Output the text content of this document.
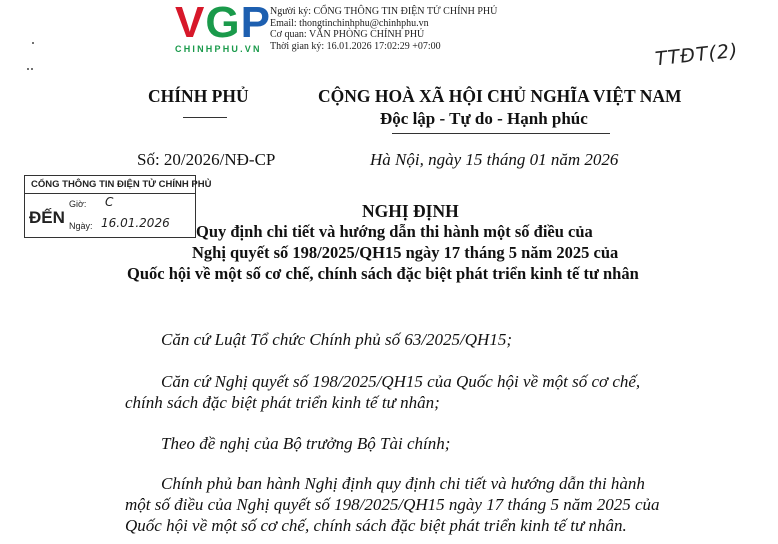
VGP
CHINHPHU.VN
Người ký: CỔNG THÔNG TIN ĐIỆN TỬ CHÍNH PHỦ
Email: thongtinchinhphu@chinhphu.vn
Cơ quan: VĂN PHÒNG CHÍNH PHỦ
Thời gian ký: 16.01.2026 17:02:29 +07:00	TTĐT(2)
CHÍNH PHỦ	CỘNG HOÀ XÃ HỘI CHỦ NGHĨA VIỆT NAM
Độc lập - Tự do - Hạnh phúc
Số: 20/2026/NĐ-CP	Hà Nội, ngày 15 tháng 01 năm 2026
CỔNG THÔNG TIN ĐIỆN TỬ CHÍNH PHỦ
ĐẾN
Giờ: C
Ngày: 16.01.2026
NGHỊ ĐỊNH
Quy định chi tiết và hướng dẫn thi hành một số điều của
Nghị quyết số 198/2025/QH15 ngày 17 tháng 5 năm 2025 của
Quốc hội về một số cơ chế, chính sách đặc biệt phát triển kinh tế tư nhân
Căn cứ Luật Tổ chức Chính phủ số 63/2025/QH15;
Căn cứ Nghị quyết số 198/2025/QH15 của Quốc hội về một số cơ chế,
chính sách đặc biệt phát triển kinh tế tư nhân;
Theo đề nghị của Bộ trưởng Bộ Tài chính;
Chính phủ ban hành Nghị định quy định chi tiết và hướng dẫn thi hành
một số điều của Nghị quyết số 198/2025/QH15 ngày 17 tháng 5 năm 2025 của
Quốc hội về một số cơ chế, chính sách đặc biệt phát triển kinh tế tư nhân.
